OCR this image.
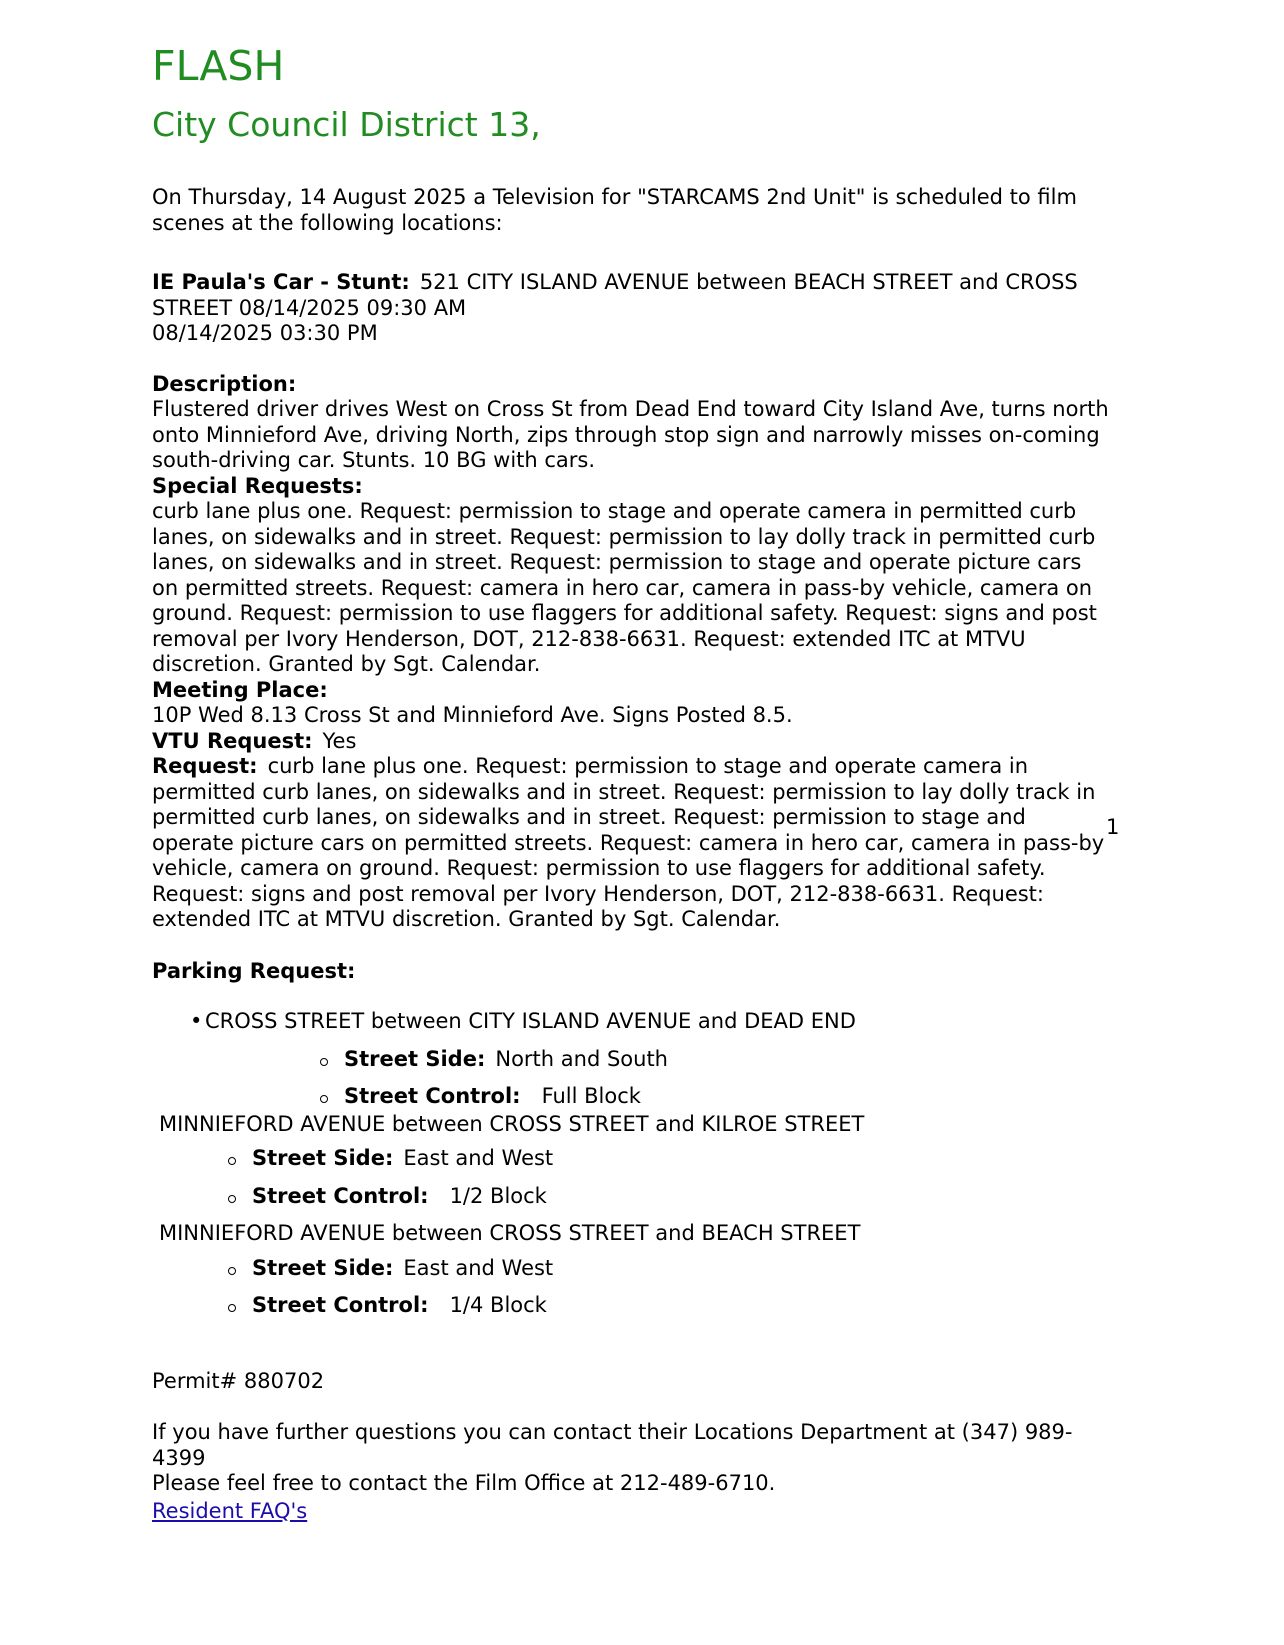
FLASH
City Council District 13,

On Thursday, 14 August 2025 a Television for "STARCAMS 2nd Unit" is scheduled to film scenes at the following locations:

IE Paula's Car - Stunt: 521 CITY ISLAND AVENUE between BEACH STREET and CROSS STREET 08/14/2025 09:30 AM
08/14/2025 03:30 PM
Description:
Flustered driver drives West on Cross St from Dead End toward City Island Ave, turns north onto Minnieford Ave, driving North, zips through stop sign and narrowly misses on-coming south-driving car. Stunts. 10 BG with cars.
Special Requests:
curb lane plus one. Request: permission to stage and operate camera in permitted curb lanes, on sidewalks and in street. Request: permission to lay dolly track in permitted curb lanes, on sidewalks and in street. Request: permission to stage and operate picture cars on permitted streets. Request: camera in hero car, camera in pass-by vehicle, camera on ground. Request: permission to use flaggers for additional safety. Request: signs and post removal per Ivory Henderson, DOT, 212-838-6631. Request: extended ITC at MTVU discretion. Granted by Sgt. Calendar.
Meeting Place:
10P Wed 8.13 Cross St and Minnieford Ave. Signs Posted 8.5.
VTU Request: Yes
Request: curb lane plus one. Request: permission to stage and operate camera in permitted curb lanes, on sidewalks and in street. Request: permission to lay dolly track in permitted curb lanes, on sidewalks and in street. Request: permission to stage and operate picture cars on permitted streets. Request: camera in hero car, camera in pass-by vehicle, camera on ground. Request: permission to use flaggers for additional safety. Request: signs and post removal per Ivory Henderson, DOT, 212-838-6631. Request: extended ITC at MTVU discretion. Granted by Sgt. Calendar.

Parking Request:

• CROSS STREET between CITY ISLAND AVENUE and DEAD END
Street Side: North and South
Street Control: Full Block
MINNIEFORD AVENUE between CROSS STREET and KILROE STREET
Street Side: East and West
Street Control: 1/2 Block
MINNIEFORD AVENUE between CROSS STREET and BEACH STREET
Street Side: East and West
Street Control: 1/4 Block

Permit# 880702

If you have further questions you can contact their Locations Department at (347) 989-4399
Please feel free to contact the Film Office at 212-489-6710.
Resident FAQ's
1
